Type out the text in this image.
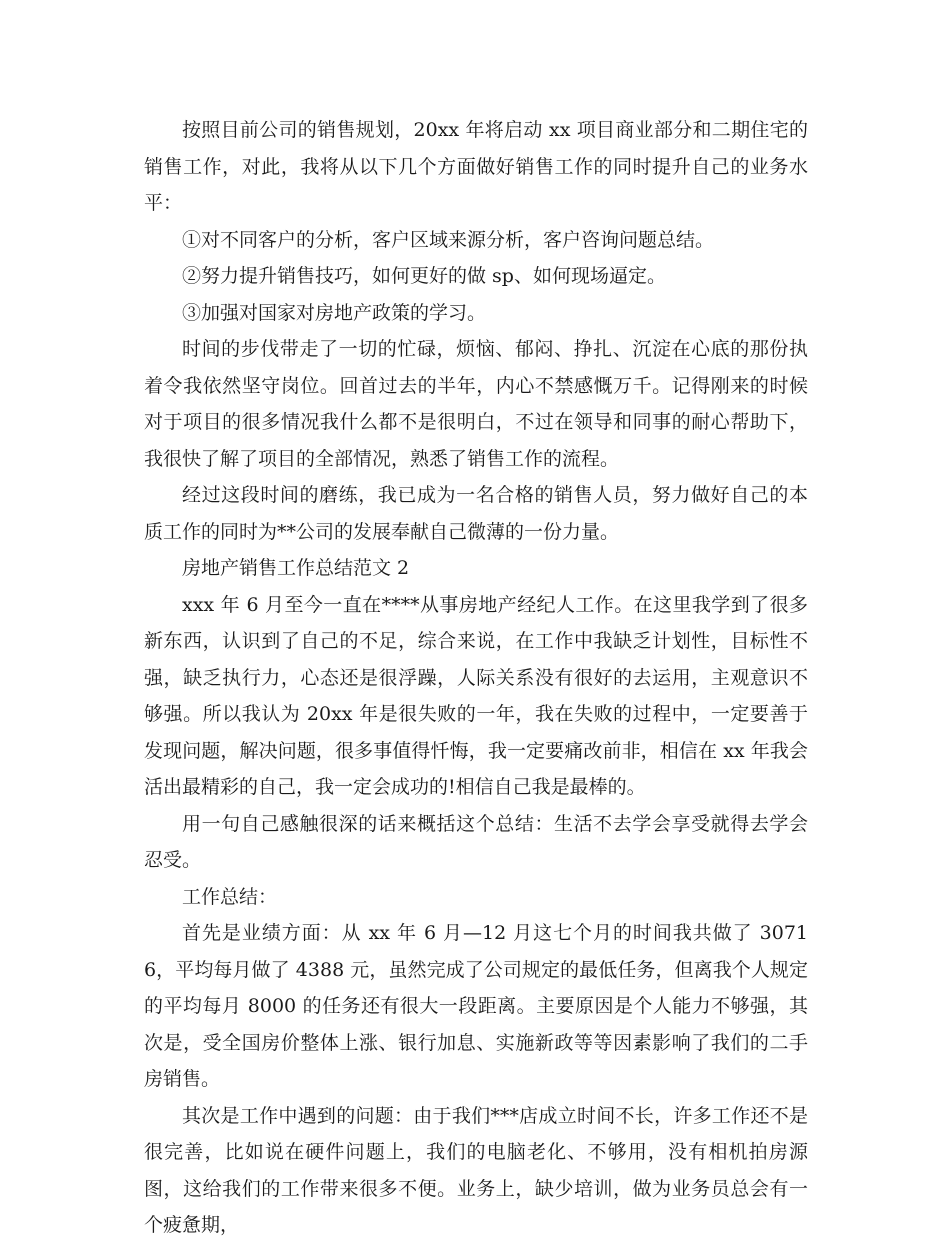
按照目前公司的销售规划，20xx 年将启动 xx 项目商业部分和二期住宅的销售工作，对此，我将从以下几个方面做好销售工作的同时提升自己的业务水平：

①对不同客户的分析，客户区域来源分析，客户咨询问题总结。

②努力提升销售技巧，如何更好的做 sp、如何现场逼定。

③加强对国家对房地产政策的学习。

时间的步伐带走了一切的忙碌，烦恼、郁闷、挣扎、沉淀在心底的那份执着令我依然坚守岗位。回首过去的半年，内心不禁感慨万千。记得刚来的时候对于项目的很多情况我什么都不是很明白，不过在领导和同事的耐心帮助下，我很快了解了项目的全部情况，熟悉了销售工作的流程。

经过这段时间的磨练，我已成为一名合格的销售人员，努力做好自己的本质工作的同时为**公司的发展奉献自己微薄的一份力量。

房地产销售工作总结范文 2

xxx 年 6 月至今一直在****从事房地产经纪人工作。在这里我学到了很多新东西，认识到了自己的不足，综合来说，在工作中我缺乏计划性，目标性不强，缺乏执行力，心态还是很浮躁，人际关系没有很好的去运用，主观意识不够强。所以我认为 20xx 年是很失败的一年，我在失败的过程中，一定要善于发现问题，解决问题，很多事值得忏悔，我一定要痛改前非，相信在 xx 年我会活出最精彩的自己，我一定会成功的!相信自己我是最棒的。

用一句自己感触很深的话来概括这个总结：生活不去学会享受就得去学会忍受。

工作总结：

首先是业绩方面：从 xx 年 6 月—12 月这七个月的时间我共做了 30716，平均每月做了 4388 元，虽然完成了公司规定的最低任务，但离我个人规定的平均每月 8000 的任务还有很大一段距离。主要原因是个人能力不够强，其次是，受全国房价整体上涨、银行加息、实施新政等等因素影响了我们的二手房销售。

其次是工作中遇到的问题：由于我们***店成立时间不长，许多工作还不是很完善，比如说在硬件问题上，我们的电脑老化、不够用，没有相机拍房源图，这给我们的工作带来很多不便。业务上，缺少培训，做为业务员总会有一个疲惫期，
